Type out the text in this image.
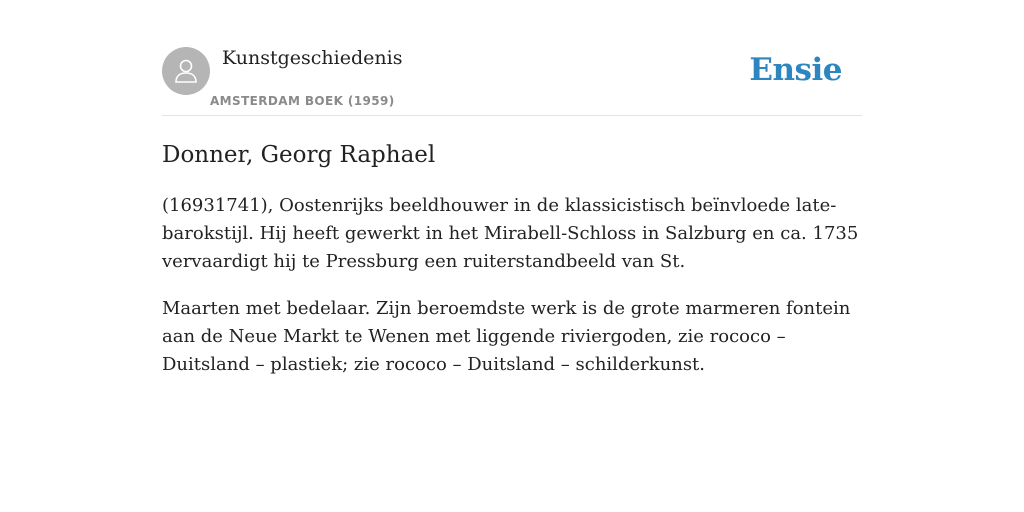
Kunstgeschiedenis
AMSTERDAM BOEK (1959)
Ensie
Donner, Georg Raphael

(16931741), Oostenrijks beeldhouwer in de klassicistisch beïnvloede late-barokstijl. Hij heeft gewerkt in het Mirabell-Schloss in Salzburg en ca. 1735 vervaardigt hij te Pressburg een ruiterstandbeeld van St.

Maarten met bedelaar. Zijn beroemdste werk is de grote marmeren fontein aan de Neue Markt te Wenen met liggende riviergoden, zie rococo – Duitsland – plastiek; zie rococo – Duitsland – schilderkunst.
